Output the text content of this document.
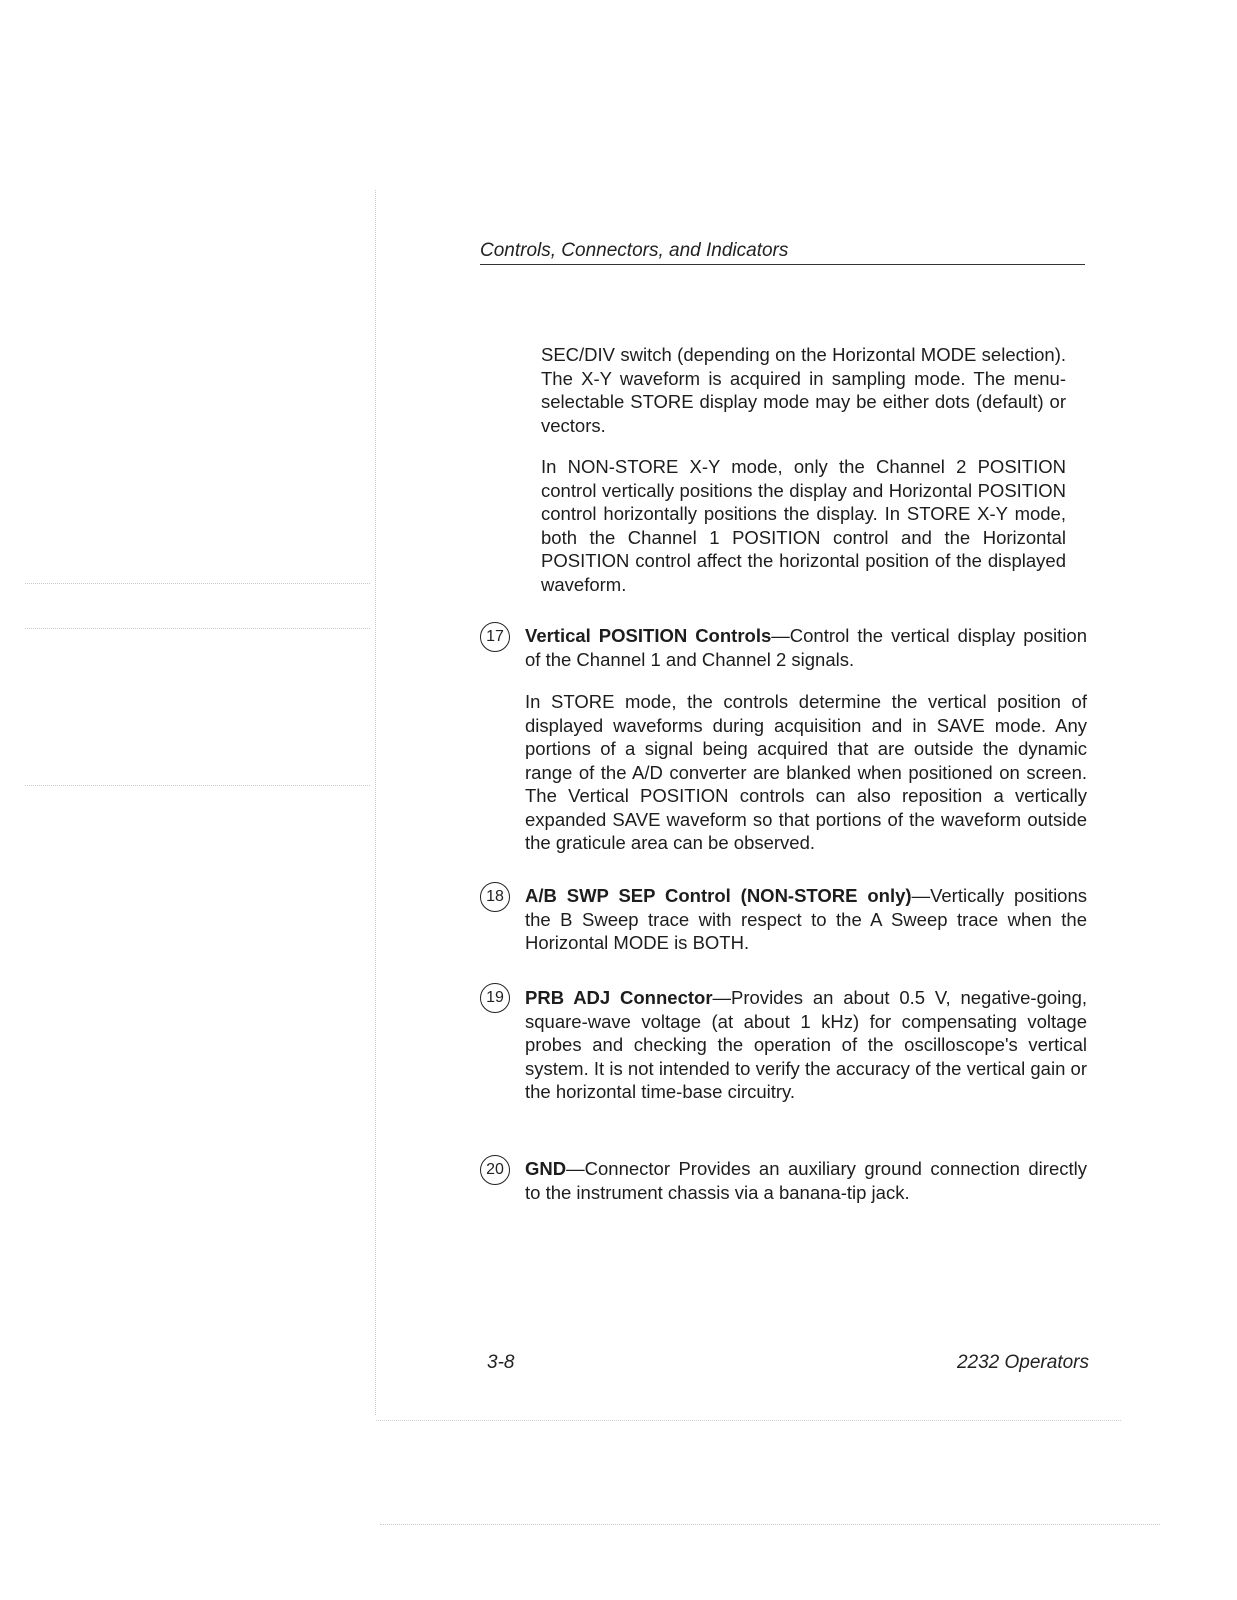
Controls, Connectors, and Indicators
SEC/DIV switch (depending on the Horizontal MODE selection). The X-Y waveform is acquired in sampling mode. The menu-selectable STORE display mode may be either dots (default) or vectors.
In NON-STORE X-Y mode, only the Channel 2 POSITION control vertically positions the display and Horizontal POSITION control horizontally positions the display. In STORE X-Y mode, both the Channel 1 POSITION control and the Horizontal POSITION control affect the horizontal position of the displayed waveform.
17	Vertical POSITION Controls—Control the vertical display position of the Channel 1 and Channel 2 signals.
In STORE mode, the controls determine the vertical position of displayed waveforms during acquisition and in SAVE mode. Any portions of a signal being acquired that are outside the dynamic range of the A/D converter are blanked when positioned on screen. The Vertical POSITION controls can also reposition a vertically expanded SAVE waveform so that portions of the waveform outside the graticule area can be observed.
18	A/B SWP SEP Control (NON-STORE only)—Vertically positions the B Sweep trace with respect to the A Sweep trace when the Horizontal MODE is BOTH.
19	PRB ADJ Connector—Provides an about 0.5 V, negative-going, square-wave voltage (at about 1 kHz) for compensating voltage probes and checking the operation of the oscilloscope's vertical system. It is not intended to verify the accuracy of the vertical gain or the horizontal time-base circuitry.
20	GND—Connector Provides an auxiliary ground connection directly to the instrument chassis via a banana-tip jack.
3-8	2232 Operators
